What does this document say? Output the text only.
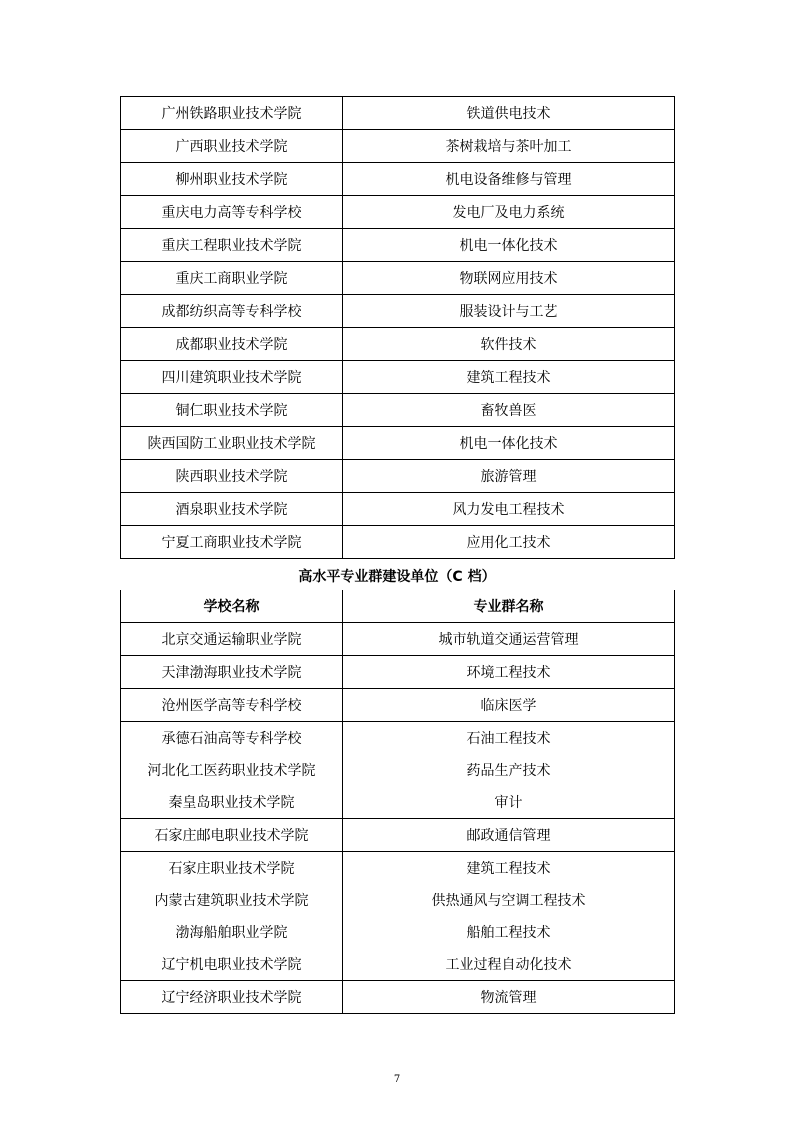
广州铁路职业技术学院	铁道供电技术
广西职业技术学院	茶树栽培与茶叶加工
柳州职业技术学院	机电设备维修与管理
重庆电力高等专科学校	发电厂及电力系统
重庆工程职业技术学院	机电一体化技术
重庆工商职业学院	物联网应用技术
成都纺织高等专科学校	服装设计与工艺
成都职业技术学院	软件技术
四川建筑职业技术学院	建筑工程技术
铜仁职业技术学院	畜牧兽医
陕西国防工业职业技术学院	机电一体化技术
陕西职业技术学院	旅游管理
酒泉职业技术学院	风力发电工程技术
宁夏工商职业技术学院	应用化工技术
高水平专业群建设单位（C 档）
学校名称	专业群名称
北京交通运输职业学院	城市轨道交通运营管理
天津渤海职业技术学院	环境工程技术
沧州医学高等专科学校	临床医学
承德石油高等专科学校	石油工程技术
河北化工医药职业技术学院	药品生产技术
秦皇岛职业技术学院	审计
石家庄邮电职业技术学院	邮政通信管理
石家庄职业技术学院	建筑工程技术
内蒙古建筑职业技术学院	供热通风与空调工程技术
渤海船舶职业学院	船舶工程技术
辽宁机电职业技术学院	工业过程自动化技术
辽宁经济职业技术学院	物流管理
7
